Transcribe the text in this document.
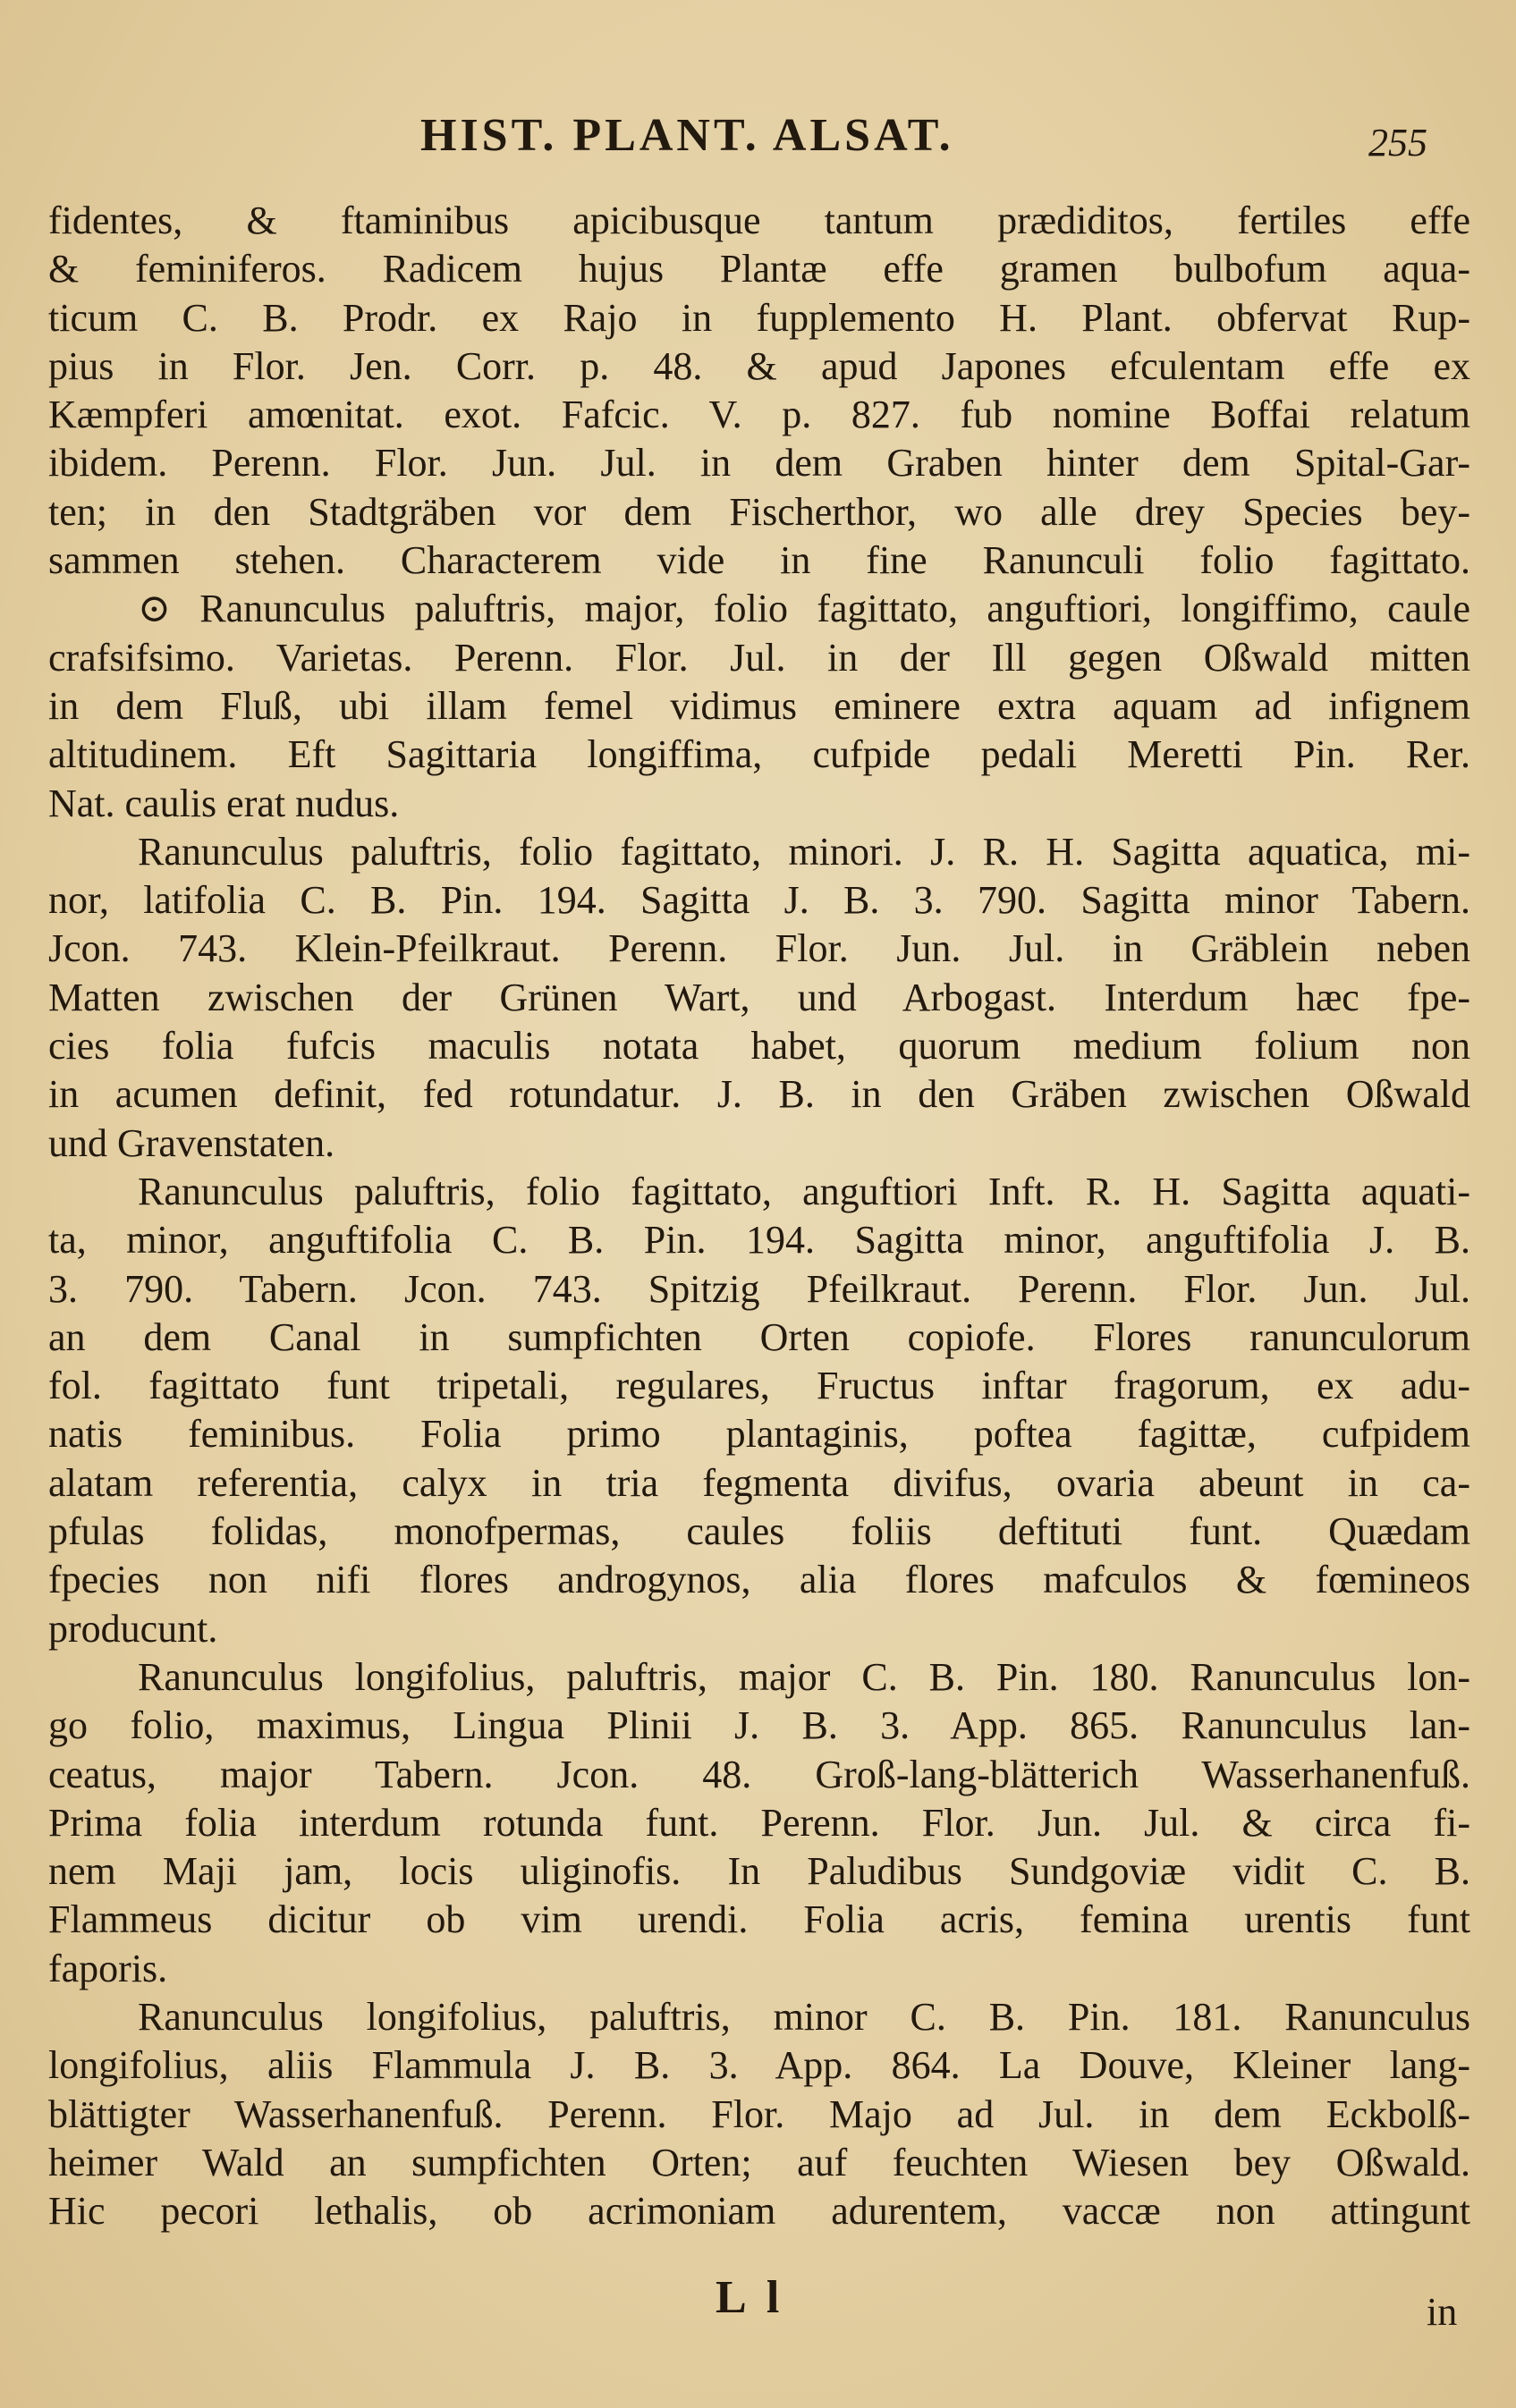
HIST. PLANT. ALSAT.	255
fidentes, & ftaminibus apicibusque tantum prædiditos, fertiles effe
& feminiferos. Radicem hujus Plantæ effe gramen bulbofum aqua-
ticum C. B. Prodr. ex Rajo in fupplemento H. Plant. obfervat Rup-
pius in Flor. Jen. Corr. p. 48. & apud Japones efculentam effe ex
Kæmpferi amœnitat. exot. Fafcic. V. p. 827. fub nomine Boffai relatum
ibidem. Perenn. Flor. Jun. Jul. in dem Graben hinter dem Spital-Gar-
ten; in den Stadtgräben vor dem Fischerthor, wo alle drey Species bey-
sammen stehen. Characterem vide in fine Ranunculi folio fagittato.
⊙ Ranunculus paluftris, major, folio fagittato, anguftiori, longiffimo, caule
crafsifsimo. Varietas. Perenn. Flor. Jul. in der Ill gegen Oßwald mitten
in dem Fluß, ubi illam femel vidimus eminere extra aquam ad infignem
altitudinem. Eft Sagittaria longiffima, cufpide pedali Meretti Pin. Rer.
Nat. caulis erat nudus.
Ranunculus paluftris, folio fagittato, minori. J. R. H. Sagitta aquatica, mi-
nor, latifolia C. B. Pin. 194. Sagitta J. B. 3. 790. Sagitta minor Tabern.
Jcon. 743. Klein-Pfeilkraut. Perenn. Flor. Jun. Jul. in Gräblein neben
Matten zwischen der Grünen Wart, und Arbogast. Interdum hæc fpe-
cies folia fufcis maculis notata habet, quorum medium folium non
in acumen definit, fed rotundatur. J. B. in den Gräben zwischen Oßwald
und Gravenstaten.
Ranunculus paluftris, folio fagittato, anguftiori Inft. R. H. Sagitta aquati-
ta, minor, anguftifolia C. B. Pin. 194. Sagitta minor, anguftifolia J. B.
3. 790. Tabern. Jcon. 743. Spitzig Pfeilkraut. Perenn. Flor. Jun. Jul.
an dem Canal in sumpfichten Orten copiofe. Flores ranunculorum
fol. fagittato funt tripetali, regulares, Fructus inftar fragorum, ex adu-
natis feminibus. Folia primo plantaginis, poftea fagittæ, cufpidem
alatam referentia, calyx in tria fegmenta divifus, ovaria abeunt in ca-
pfulas folidas, monofpermas, caules foliis deftituti funt. Quædam
fpecies non nifi flores androgynos, alia flores mafculos & fœmineos
producunt.
Ranunculus longifolius, paluftris, major C. B. Pin. 180. Ranunculus lon-
go folio, maximus, Lingua Plinii J. B. 3. App. 865. Ranunculus lan-
ceatus, major Tabern. Jcon. 48. Groß-lang-blätterich Wasserhanenfuß.
Prima folia interdum rotunda funt. Perenn. Flor. Jun. Jul. & circa fi-
nem Maji jam, locis uliginofis. In Paludibus Sundgoviæ vidit C. B.
Flammeus dicitur ob vim urendi. Folia acris, femina urentis funt
faporis.
Ranunculus longifolius, paluftris, minor C. B. Pin. 181. Ranunculus
longifolius, aliis Flammula J. B. 3. App. 864. La Douve, Kleiner lang-
blättigter Wasserhanenfuß. Perenn. Flor. Majo ad Jul. in dem Eckbolß-
heimer Wald an sumpfichten Orten; auf feuchten Wiesen bey Oßwald.
Hic pecori lethalis, ob acrimoniam adurentem, vaccæ non attingunt
L l	in
